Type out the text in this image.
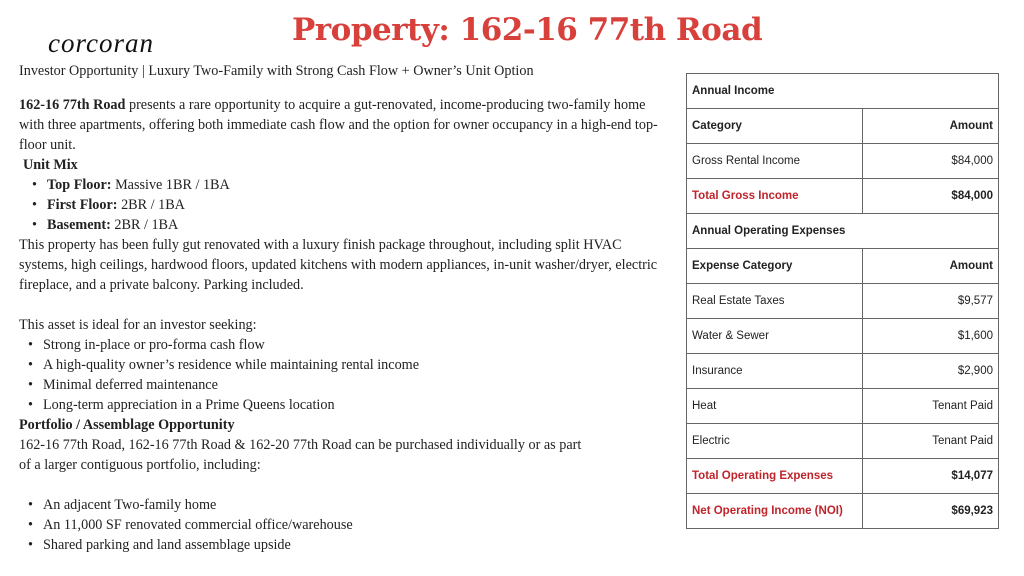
corcoran	Property: 162-16 77th Road
Investor Opportunity | Luxury Two-Family with Strong Cash Flow + Owner’s Unit Option

162-16 77th Road presents a rare opportunity to acquire a gut-renovated, income-producing two-family home with three apartments, offering both immediate cash flow and the option for owner occupancy in a high-end top-floor unit.

Unit Mix

• Top Floor: Massive 1BR / 1BA
• First Floor: 2BR / 1BA
• Basement: 2BR / 1BA

This property has been fully gut renovated with a luxury finish package throughout, including split HVAC systems, high ceilings, hardwood floors, updated kitchens with modern appliances, in-unit washer/dryer, electric fireplace, and a private balcony. Parking included.

This asset is ideal for an investor seeking:

• Strong in-place or pro-forma cash flow
• A high-quality owner’s residence while maintaining rental income
• Minimal deferred maintenance
• Long-term appreciation in a Prime Queens location

Portfolio / Assemblage Opportunity

162-16 77th Road, 162-16 77th Road & 162-20 77th Road can be purchased individually or as part

of a larger contiguous portfolio, including:

• An adjacent Two-family home
• An 11,000 SF renovated commercial office/warehouse
• Shared parking and land assemblage upside
Annual Income	
Category	Amount
Gross Rental Income	$84,000
Total Gross Income	$84,000
Annual Operating Expenses	
Expense Category	Amount
Real Estate Taxes	$9,577
Water & Sewer	$1,600
Insurance	$2,900
Heat	Tenant Paid
Electric	Tenant Paid
Total Operating Expenses	$14,077
Net Operating Income (NOI)	$69,923
